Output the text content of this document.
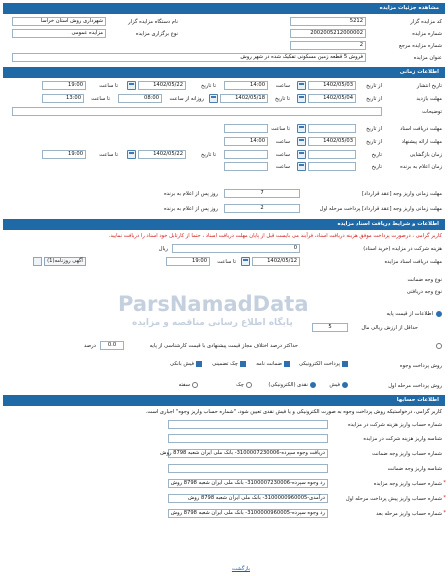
مشاهده جزئیات مزایده
کد مزایده گزار
5212
نام دستگاه مزایده گزار
شهرداری روش استان خراسا
شماره مزایده
2002005212000002
نوع برگزاری مزایده
مزایده عمومی
شماره مزایده مرجع
2
عنوان مزایده
فروش 5 قطعه زمین مسکونی تفکیک شده در شهر روش
اطلاعات زمانی
تاریخ انتشار
از تاریخ
1402/05/03
ساعت
14:00
تا تاریخ
1402/05/22
تا ساعت
19:00
مهلت بازدید
از تاریخ
1402/05/04
تا تاریخ
1402/05/18
روزانه از ساعت
08:00
تا ساعت
13:00
توضیحات
مهلت دریافت اسناد
از تاریخ
تا ساعت
مهلت ارائه پیشنهاد
از تاریخ
1402/05/03
ساعت
14:00
زمان بازگشایی
تاریخ
ساعت
تا تاریخ
1402/05/22
تا ساعت
19:00
زمان اعلام به برنده
تاریخ
ساعت
مهلت زمانی واریز وجه [عقد قرارداد]
7
روز پس از اعلام به برنده
مهلت زمانی واریز وجه [عقد قرارداد] پرداخت مرحله اول
2
روز پس از اعلام به برنده
اطلاعات و شرایط دریافت اسناد مزایده
کاربر گرامی ، درصورت پرداخت موفق هزینه دریافت اسناد، فرآیند می بایست قبل از پایان مهلت دریافت اسناد ، حتما از کارتابل خود اسناد را دریافت نمایید.
هزینه شرکت در مزایده (خرید اسناد)
0
ریال
مهلت دریافت اسناد مزایده
1402/05/12
تا ساعت
19:00
آگهی روزنامه(1)
نوع وجه ضمانت
نوع وجه دریافتی
اطلاعات از قیمت پایه
حداقل از ارزش ریالی مال
5
حداکثر درصد اختلاف مجاز قیمت پیشنهادی با قیمت کارشناسی از پایه
0.0
درصد
روش پرداخت وجوه
پرداخت الکترونیکی
ضمانت نامه
چک تضمینی
فیش بانکی
روش پرداخت مرحله اول
فیش
نقدی (الکترونیکی)
چک
سفته
اطلاعات حسابها
کاربر گرامی، درخواستیکه روش پرداخت وجوه به صورت الکترونیکی و یا فیش نقدی تعیین شود، "شماره حساب واریز وجوه" اجباری است.
شماره حساب واریز هزینه شرکت در مزایده
شناسه واریز هزینه شرکت در مزایده
شماره حساب واریز وجه ضمانت
دریافت وجوه سپرده-3100007230006- بانک ملی ایران شعبه 8798 روش
شناسه واریز وجه ضمانت
*
شماره حساب واریز وجه مزایده
رد وجوه سپرده-3100007230006- بانک ملی ایران شعبه 8798 روش
*
شماره حساب واریز پیش پرداخت مرحله اول
درآمدی-3100000960005- بانک ملی ایران شعبه 8798 روش
*
شماره حساب واریز مرحله بعد
رد وجوه سپرده-3100000960005- بانک ملی ایران شعبه 8798 روش
بازگشت
ParsNamadData
پایگاه اطلاع رسانی مناقصه و مزایده
